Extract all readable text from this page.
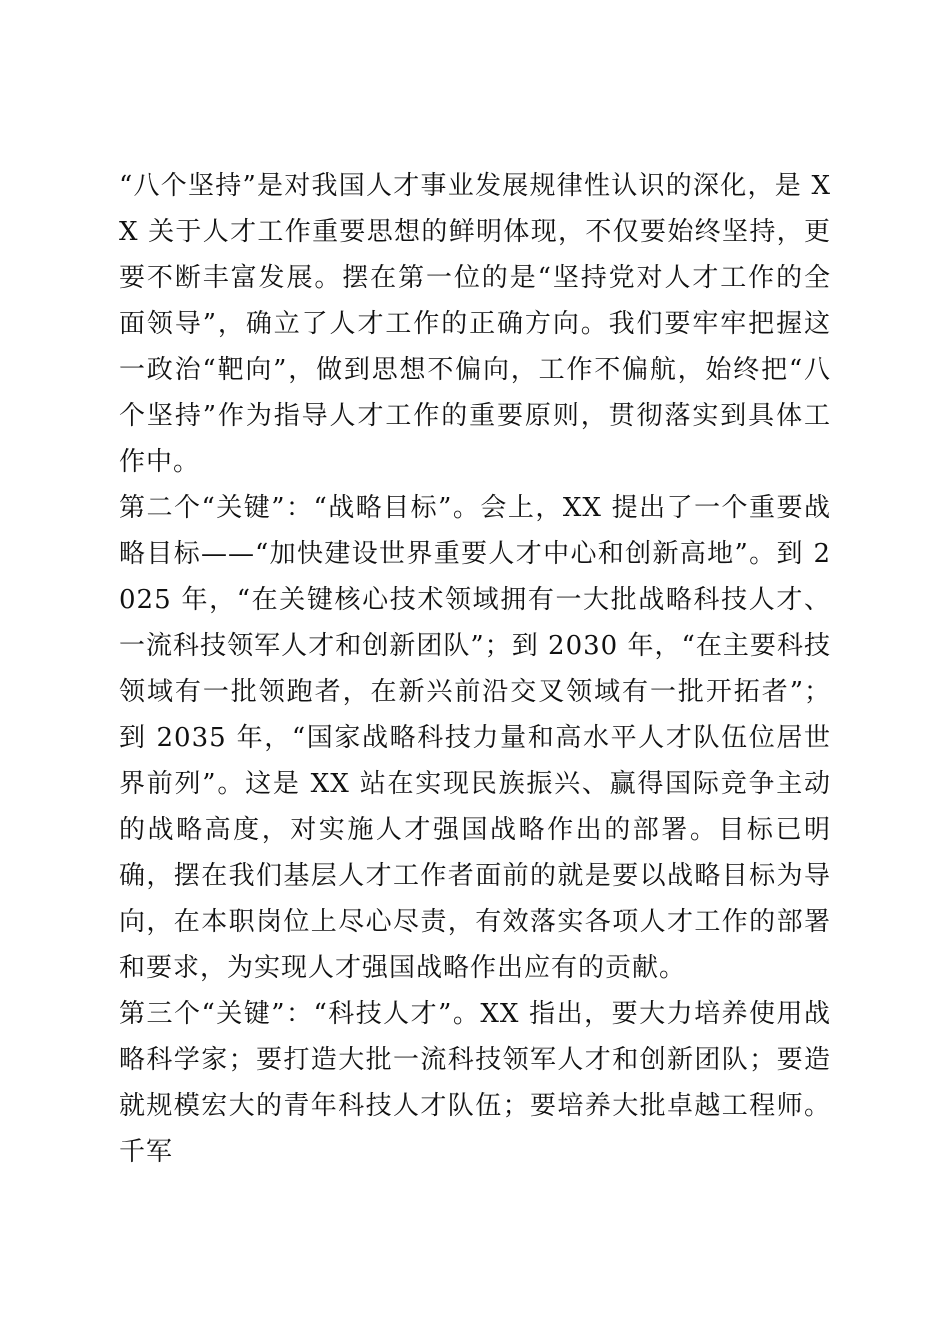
“八个坚持”是对我国人才事业发展规律性认识的深化，是 XX 关于人才工作重要思想的鲜明体现，不仅要始终坚持，更要不断丰富发展。摆在第一位的是“坚持党对人才工作的全面领导”，确立了人才工作的正确方向。我们要牢牢把握这一政治“靶向”，做到思想不偏向，工作不偏航，始终把“八个坚持”作为指导人才工作的重要原则，贯彻落实到具体工作中。

第二个“关键”：“战略目标”。会上，XX 提出了一个重要战略目标——“加快建设世界重要人才中心和创新高地”。到 2025 年，“在关键核心技术领域拥有一大批战略科技人才、一流科技领军人才和创新团队”；到 2030 年，“在主要科技领域有一批领跑者，在新兴前沿交叉领域有一批开拓者”；到 2035 年，“国家战略科技力量和高水平人才队伍位居世界前列”。这是 XX 站在实现民族振兴、赢得国际竞争主动的战略高度，对实施人才强国战略作出的部署。目标已明确，摆在我们基层人才工作者面前的就是要以战略目标为导向，在本职岗位上尽心尽责，有效落实各项人才工作的部署和要求，为实现人才强国战略作出应有的贡献。

第三个“关键”：“科技人才”。XX 指出，要大力培养使用战略科学家；要打造大批一流科技领军人才和创新团队；要造就规模宏大的青年科技人才队伍；要培养大批卓越工程师。千军
